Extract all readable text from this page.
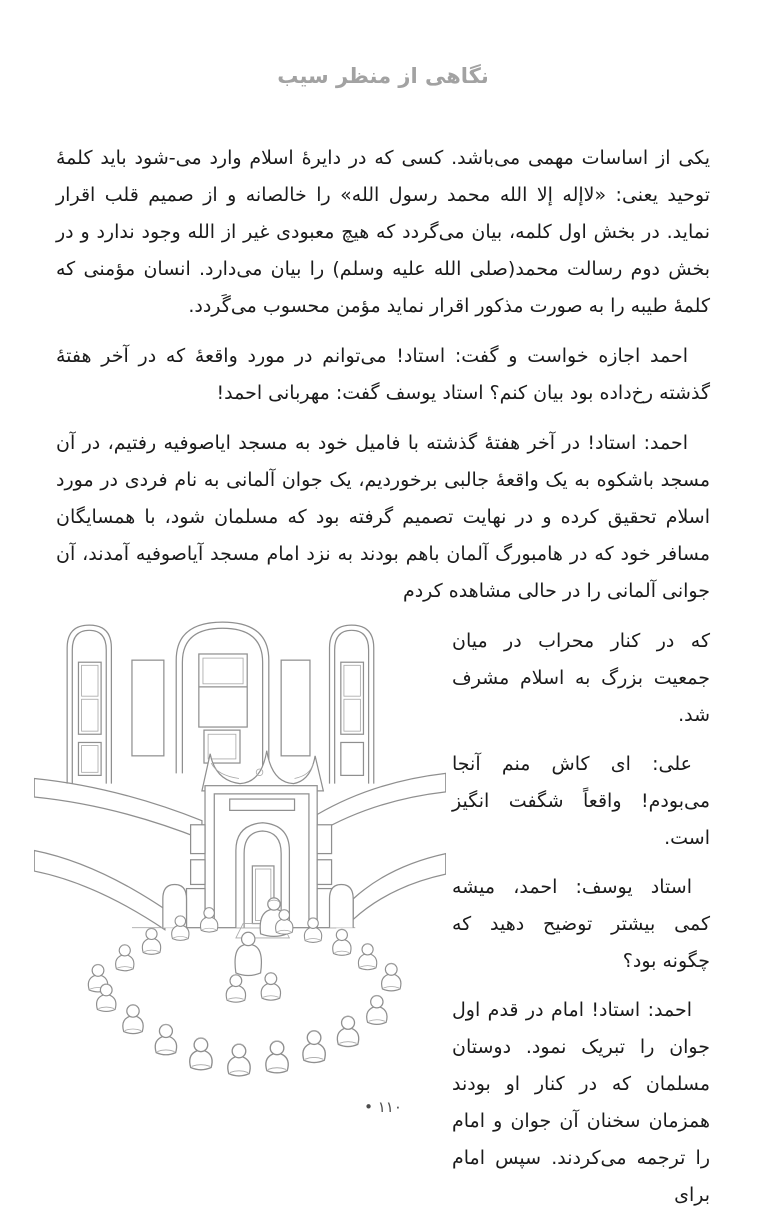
نگاهی از منظر سیب

یکی از اساسات مهمی می‌باشد. کسی که در دایرهٔ اسلام وارد می-شود باید کلمهٔ توحید یعنی: «لاإله إلا الله محمد رسول الله» را خالصانه و از صمیم قلب اقرار نماید. در بخش اول کلمه، بیان می‌گردد که هیچ معبودی غیر از الله وجود ندارد و در بخش دوم رسالت محمد(صلی الله علیه وسلم) را بیان می‌دارد. انسان مؤمنی که کلمهٔ طیبه را به صورت مذکور اقرار نماید مؤمن محسوب می‌گَردد.

احمد اجازه خواست و گفت: استاد! می‌توانم در مورد واقعهٔ که در آخر هفتهٔ گذشته رخ‌داده بود بیان کنم؟ استاد یوسف گفت: مهربانی احمد!

احمد: استاد! در آخر هفتهٔ گذشته با فامیل خود به مسجد ایاصوفیه رفتیم، در آن مسجد باشکوه به یک واقعهٔ جالبی برخوردیم، یک جوان آلمانی به نام فردی در مورد اسلام تحقیق کرده و در نهایت تصمیم گرفته بود که مسلمان شود، با همسایگان مسافر خود که در هامبورگ آلمان باهم بودند به نزد امام مسجد آیاصوفیه آمدند، آن جوانی آلمانی را در حالی مشاهده کردم

که در کنار محراب در میان جمعیت بزرگ به اسلام مشرف شد.

علی: ای کاش منم آنجا می‌بودم! واقعاً شگفت انگیز است.

استاد یوسف: احمد، میشه کمی بیشتر توضیح دهید که چگونه بود؟

احمد: استاد! امام در قدم اول جوان را تبریک نمود. دوستان مسلمان که در کنار او بودند همزمان سخنان آن جوان و امام را ترجمه می‌کردند. سپس امام برای

• ۱۱۰
